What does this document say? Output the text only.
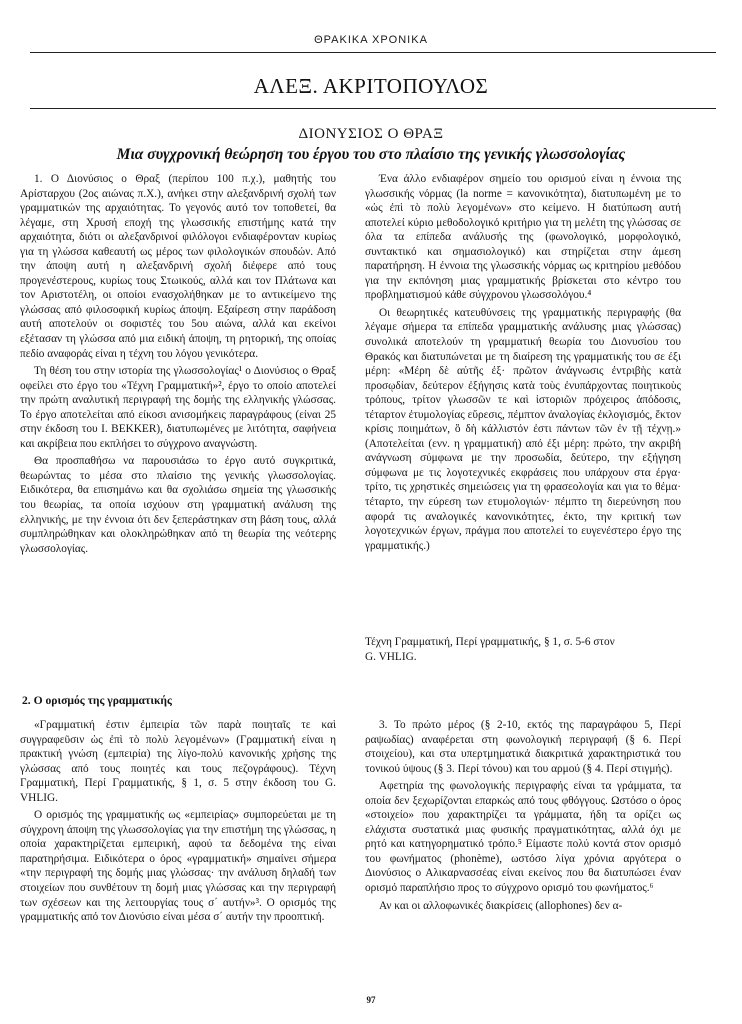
ΘΡΑΚΙΚΑ ΧΡΟΝΙΚΑ
ΑΛΕΞ. ΑΚΡΙΤΟΠΟΥΛΟΣ
ΔΙΟΝΥΣΙΟΣ Ο ΘΡΑΞ
Μια συγχρονική θεώρηση του έργου του στο πλαίσιο της γενικής γλωσσολογίας

1. Ο Διονύσιος ο Θραξ (περίπου 100 π.χ.), μαθητής του Αρίσταρχου (2ος αιώνας π.Χ.), ανήκει στην αλεξανδρινή σχολή των γραμματικών της αρχαιότητας. Το γεγονός αυτό τον τοποθετεί, θα λέγαμε, στη Χρυσή εποχή της γλωσσικής επιστήμης κατά την αρχαιότητα, διότι οι αλεξανδρινοί φιλόλογοι ενδιαφέρονταν κυρίως για τη γλώσσα καθεαυτή ως μέρος των φιλολογικών σπουδών. Από την άποψη αυτή η αλεξανδρινή σχολή διέφερε από τους προγενέστερους, κυρίως τους Στωικούς, αλλά και τον Πλάτωνα και τον Αριστοτέλη, οι οποίοι ενασχολήθηκαν με το αντικείμενο της γλώσσας από φιλοσοφική κυρίως άποψη. Εξαίρεση στην παράδοση αυτή αποτελούν οι σοφιστές του 5ου αιώνα, αλλά και εκείνοι εξέτασαν τη γλώσσα από μια ειδική άποψη, τη ρητορική, της οποίας πεδίο αναφοράς είναι η τέχνη του λόγου γενικότερα.

Τη θέση του στην ιστορία της γλωσσολογίας¹ ο Διονύσιος ο Θραξ οφείλει στο έργο του «Τέχνη Γραμματική»², έργο το οποίο αποτελεί την πρώτη αναλυτική περιγραφή της δομής της ελληνικής γλώσσας. Το έργο αποτελείται από είκοσι ανισομήκεις παραγράφους (είναι 25 στην έκδοση του I. BEKKER), διατυπωμένες με λιτότητα, σαφήνεια και ακρίβεια που εκπλήσει το σύγχρονο αναγνώστη.

Θα προσπαθήσω να παρουσιάσω το έργο αυτό συγκριτικά, θεωρώντας το μέσα στο πλαίσιο της γενικής γλωσσολογίας. Ειδικότερα, θα επισημάνω και θα σχολιάσω σημεία της γλωσσικής του θεωρίας, τα οποία ισχύουν στη γραμματική ανάλυση της ελληνικής, με την έννοια ότι δεν ξεπεράστηκαν στη βάση τους, αλλά συμπληρώθηκαν και ολοκληρώθηκαν από τη θεωρία της νεότερης γλωσσολογίας.

Ένα άλλο ενδιαφέρον σημείο του ορισμού είναι η έννοια της γλωσσικής νόρμας (la norme = κανονικότητα), διατυπωμένη με το «ὡς ἐπὶ τὸ πολὺ λεγομένων» στο κείμενο. Η διατύπωση αυτή αποτελεί κύριο μεθοδολογικό κριτήριο για τη μελέτη της γλώσσας σε όλα τα επίπεδα ανάλυσής της (φωνολογικό, μορφολογικό, συντακτικό και σημασιολογικό) και στηρίζεται στην άμεση παρατήρηση. Η έννοια της γλωσσικής νόρμας ως κριτηρίου μεθόδου για την εκπόνηση μιας γραμματικής βρίσκεται στο κέντρο του προβληματισμού κάθε σύγχρονου γλωσσολόγου.⁴

Οι θεωρητικές κατευθύνσεις της γραμματικής περιγραφής (θα λέγαμε σήμερα τα επίπεδα γραμματικής ανάλυσης μιας γλώσσας) συνολικά αποτελούν τη γραμματική θεωρία του Διονυσίου του Θρακός και διατυπώνεται με τη διαίρεση της γραμματικής του σε έξι μέρη: «Μέρη δὲ αὐτῆς ἐξ· πρῶτον ἀνάγνωσις ἐντριβὴς κατὰ προσῳδίαν, δεύτερον ἐξήγησις κατὰ τοὺς ἐνυπάρχοντας ποιητικοὺς τρόπους, τρίτον γλωσσῶν τε καὶ ἱστοριῶν πρόχειρος ἀπόδοσις, τέταρτον ἐτυμολογίας εὕρεσις, πέμπτον ἀναλογίας ἐκλογισμός, ἕκτον κρίσις ποιημάτων, ὃ δὴ κάλλιστόν ἐστι πάντων τῶν ἐν τῇ τέχνῃ.» (Αποτελείται (ενν. η γραμματική) από έξι μέρη: πρώτο, την ακριβή ανάγνωση σύμφωνα με την προσωδία, δεύτερο, την εξήγηση σύμφωνα με τις λογοτεχνικές εκφράσεις που υπάρχουν στα έργα· τρίτο, τις χρηστικές σημειώσεις για τη φρασεολογία και για το θέμα· τέταρτο, την εύρεση των ετυμολογιών· πέμπτο τη διερεύνηση που αφορά τις αναλογικές κανονικότητες, έκτο, την κριτική των λογοτεχνικών έργων, πράγμα που αποτελεί το ευγενέστερο έργο της γραμματικής.)

Τέχνη Γραμματική, Περί γραμματικής, § 1, σ. 5-6 στον
G. VHLIG.
2. Ο ορισμός της γραμματικής

«Γραμματική ἐστιν ἐμπειρία τῶν παρὰ ποιηταῖς τε καὶ συγγραφεῦσιν ὡς ἐπὶ τὸ πολὺ λεγομένων» (Γραμματική είναι η πρακτική γνώση (εμπειρία) της λίγο-πολύ κανονικής χρήσης της γλώσσας από τους ποιητές και τους πεζογράφους). Τέχνη Γραμματική, Περί Γραμματικής, § 1, σ. 5 στην έκδοση του G. VHLIG.

Ο ορισμός της γραμματικής ως «εμπειρίας» συμπορεύεται με τη σύγχρονη άποψη της γλωσσολογίας για την επιστήμη της γλώσσας, η οποία χαρακτηρίζεται εμπειρική, αφού τα δεδομένα της είναι παρατηρήσιμα. Ειδικότερα ο όρος «γραμματική» σημαίνει σήμερα «την περιγραφή της δομής μιας γλώσσας· την ανάλυση δηλαδή των στοιχείων που συνθέτουν τη δομή μιας γλώσσας και την περιγραφή των σχέσεων και της λειτουργίας τους σ΄ αυτήν»³. Ο ορισμός της γραμματικής από τον Διονύσιο είναι μέσα σ΄ αυτήν την προοπτική.

3. Το πρώτο μέρος (§ 2-10, εκτός της παραγράφου 5, Περί ραψωδίας) αναφέρεται στη φωνολογική περιγραφή (§ 6. Περί στοιχείου), και στα υπερτμηματικά διακριτικά χαρακτηριστικά του τονικού ύψους (§ 3. Περί τόνου) και του αρμού (§ 4. Περί στιγμής).

Αφετηρία της φωνολογικής περιγραφής είναι τα γράμματα, τα οποία δεν ξεχωρίζονται επαρκώς από τους φθόγγους. Ωστόσο ο όρος «στοιχείο» που χαρακτηρίζει τα γράμματα, ήδη τα ορίζει ως ελάχιστα συστατικά μιας φυσικής πραγματικότητας, αλλά όχι με ρητό και κατηγορηματικό τρόπο.⁵ Είμαστε πολύ κοντά στον ορισμό του φωνήματος (phonème), ωστόσο λίγα χρόνια αργότερα ο Διονύσιος ο Αλικαρνασσέας είναι εκείνος που θα διατυπώσει έναν ορισμό παραπλήσιο προς το σύγχρονο ορισμό του φωνήματος.⁶

Αν και οι αλλοφωνικές διακρίσεις (allophones) δεν α-

97
